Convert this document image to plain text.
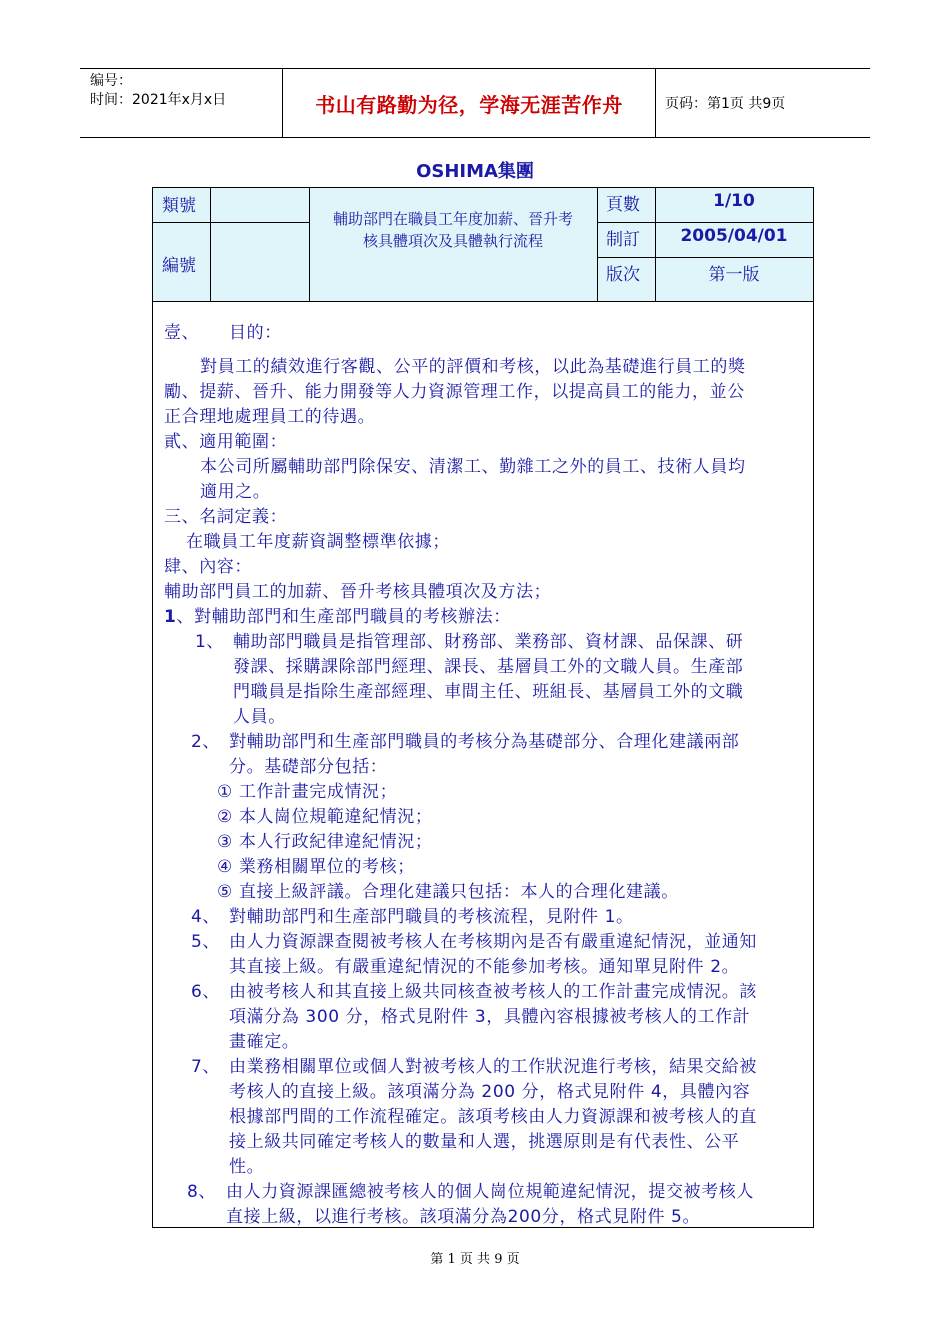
编号：
时间：2021年x月x日	书山有路勤为径，学海无涯苦作舟	页码：第1页 共9页
OSHIMA集團
類號
編號
輔助部門在職員工年度加薪、晉升考
核具體項次及具體執行流程
頁數
制訂
版次
1/10
2005/04/01
第一版
壹、 目的：
對員工的績效進行客觀、公平的評價和考核，以此為基礎進行員工的獎
勵、提薪、晉升、能力開發等人力資源管理工作，以提高員工的能力，並公
正合理地處理員工的待遇。
貳、適用範圍：
本公司所屬輔助部門除保安、清潔工、勤雜工之外的員工、技術人員均
適用之。
三、名詞定義：
在職員工年度薪資調整標準依據；
肆、內容：
輔助部門員工的加薪、晉升考核具體項次及方法；
1、對輔助部門和生產部門職員的考核辦法：
1、 輔助部門職員是指管理部、財務部、業務部、資材課、品保課、研
發課、採購課除部門經理、課長、基層員工外的文職人員。生產部
門職員是指除生產部經理、車間主任、班組長、基層員工外的文職
人員。
2、 對輔助部門和生產部門職員的考核分為基礎部分、合理化建議兩部
分。基礎部分包括：
① 工作計畫完成情況；
② 本人崗位規範違紀情況；
③ 本人行政紀律違紀情況；
④ 業務相關單位的考核；
⑤ 直接上級評議。合理化建議只包括：本人的合理化建議。
4、 對輔助部門和生產部門職員的考核流程，見附件 1。
5、 由人力資源課查閱被考核人在考核期內是否有嚴重違紀情況，並通知
其直接上級。有嚴重違紀情況的不能參加考核。通知單見附件 2。
6、 由被考核人和其直接上級共同核查被考核人的工作計畫完成情況。該
項滿分為 300 分，格式見附件 3，具體內容根據被考核人的工作計
畫確定。
7、 由業務相關單位或個人對被考核人的工作狀況進行考核，結果交給被
考核人的直接上級。該項滿分為 200 分，格式見附件 4，具體內容
根據部門間的工作流程確定。該項考核由人力資源課和被考核人的直
接上級共同確定考核人的數量和人選，挑選原則是有代表性、公平
性。
8、 由人力資源課匯總被考核人的個人崗位規範違紀情況，提交被考核人
直接上級，以進行考核。該項滿分為200分，格式見附件 5。
第 1 页 共 9 页
